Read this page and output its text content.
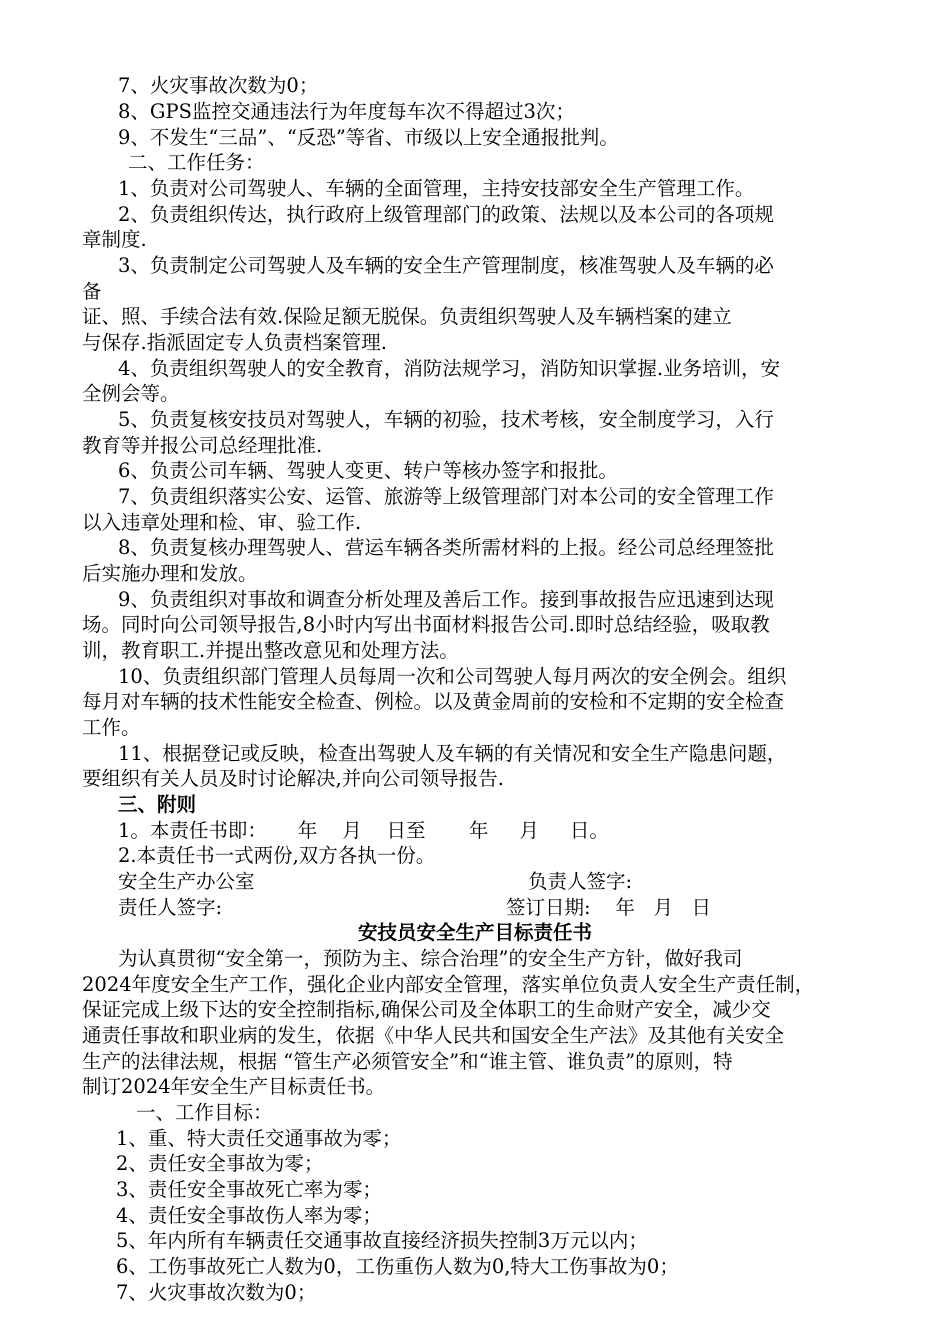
7、火灾事故次数为0；
8、GPS监控交通违法行为年度每车次不得超过3次；
9、不发生“三品”、“反恐”等省、市级以上安全通报批判。
二、工作任务：
1、负责对公司驾驶人、车辆的全面管理，主持安技部安全生产管理工作。
2、负责组织传达，执行政府上级管理部门的政策、法规以及本公司的各项规
章制度.
3、负责制定公司驾驶人及车辆的安全生产管理制度，核准驾驶人及车辆的必
备
证、照、手续合法有效.保险足额无脱保。负责组织驾驶人及车辆档案的建立
与保存.指派固定专人负责档案管理.
4、负责组织驾驶人的安全教育，消防法规学习，消防知识掌握.业务培训，安
全例会等。
5、负责复核安技员对驾驶人，车辆的初验，技术考核，安全制度学习，入行
教育等并报公司总经理批准.
6、负责公司车辆、驾驶人变更、转户等核办签字和报批。
7、负责组织落实公安、运管、旅游等上级管理部门对本公司的安全管理工作
以入违章处理和检、审、验工作.
8、负责复核办理驾驶人、营运车辆各类所需材料的上报。经公司总经理签批
后实施办理和发放。
9、负责组织对事故和调查分析处理及善后工作。接到事故报告应迅速到达现
场。同时向公司领导报告,8小时内写出书面材料报告公司.即时总结经验，吸取教
训，教育职工.并提出整改意见和处理方法。
10、负责组织部门管理人员每周一次和公司驾驶人每月两次的安全例会。组织
每月对车辆的技术性能安全检查、例检。以及黄金周前的安检和不定期的安全检查
工作。
11、根据登记或反映，检查出驾驶人及车辆的有关情况和安全生产隐患问题，
要组织有关人员及时讨论解决,并向公司领导报告.
三、附则
1。本责任书即：     年    月    日至       年     月     日。
2.本责任书一式两份,双方各执一份。
安全生产办公室	负责人签字:
责任人签字:	签订日期:    年   月   日
安技员安全生产目标责任书
为认真贯彻“安全第一，预防为主、综合治理”的安全生产方针，做好我司
2024年度安全生产工作，强化企业内部安全管理，落实单位负责人安全生产责任制，
保证完成上级下达的安全控制指标,确保公司及全体职工的生命财产安全，减少交
通责任事故和职业病的发生，依据《中华人民共和国安全生产法》及其他有关安全
生产的法律法规，根据 “管生产必须管安全”和“谁主管、谁负责”的原则，特
制订2024年安全生产目标责任书。
一、工作目标：
1、重、特大责任交通事故为零；
2、责任安全事故为零；
3、责任安全事故死亡率为零；
4、责任安全事故伤人率为零；
5、年内所有车辆责任交通事故直接经济损失控制3万元以内；
6、工伤事故死亡人数为0，工伤重伤人数为0,特大工伤事故为0；
7、火灾事故次数为0；
